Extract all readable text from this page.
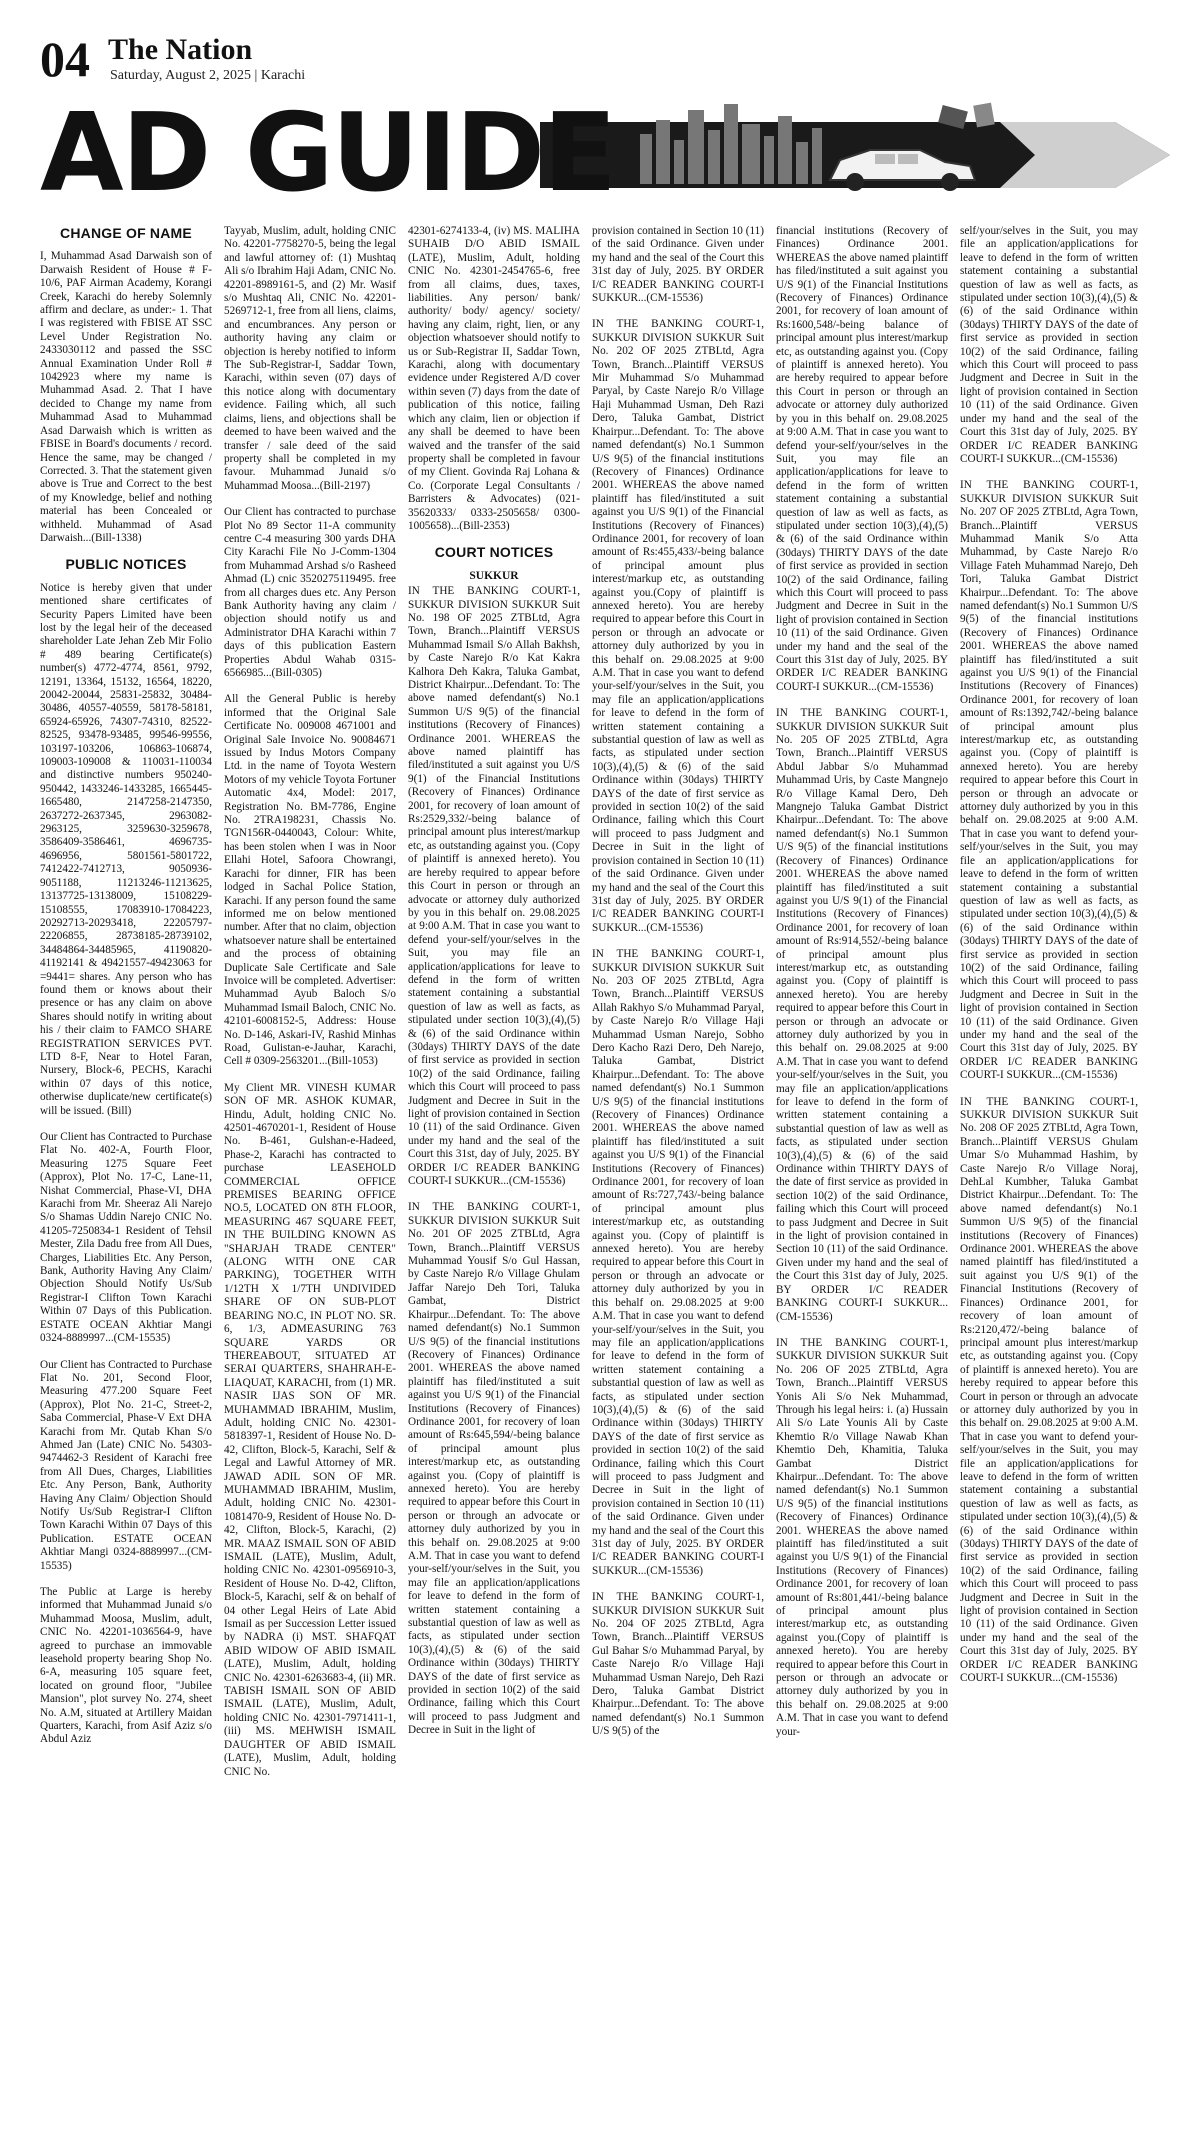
04 The Nation
Saturday, August 2, 2025 | Karachi
AD GUIDE
CHANGE OF NAME

I, Muhammad Asad Darwaish son of Darwaish Resident of House # F-10/6, PAF Airman Academy, Korangi Creek, Karachi do hereby Solemnly affirm and declare, as under:- 1. That I was registered with FBISE AT SSC Level Under Registration No. 2433030112 and passed the SSC Annual Examination Under Roll # 1042923 where my name is Muhammad Asad. 2. That I have decided to Change my name from Muhammad Asad to Muhammad Asad Darwaish which is written as FBISE in Board's documents / record. Hence the same, may be changed / Corrected. 3. That the statement given above is True and Correct to the best of my Knowledge, belief and nothing material has been Concealed or withheld. Muhammad of Asad Darwaish...(Bill-1338)

PUBLIC NOTICES

Notice is hereby given that under mentioned share certificates of Security Papers Limited have been lost by the legal heir of the deceased shareholder Late Jehan Zeb Mir Folio # 489 bearing Certificate(s) number(s) 4772-4774, 8561, 9792, 12191, 13364, 15132, 16564, 18220, 20042-20044, 25831-25832, 30484-30486, 40557-40559, 58178-58181, 65924-65926, 74307-74310, 82522-82525, 93478-93485, 99546-99556, 103197-103206, 106863-106874, 109003-109008 & 110031-110034 and distinctive numbers 950240-950442, 1433246-1433285, 1665445-1665480, 2147258-2147350, 2637272-2637345, 2963082-2963125, 3259630-3259678, 3586409-3586461, 4696735-4696956, 5801561-5801722, 7412422-7412713, 9050936-9051188, 11213246-11213625, 13137725-13138009, 15108229-15108555, 17083910-17084223, 20292713-20293418, 22205797-22206855, 28738185-28739102, 34484864-34485965, 41190820-41192141 & 49421557-49423063 for =9441= shares. Any person who has found them or knows about their presence or has any claim on above Shares should notify in writing about his / their claim to FAMCO SHARE REGISTRATION SERVICES PVT. LTD 8-F, Near to Hotel Faran, Nursery, Block-6, PECHS, Karachi within 07 days of this notice, otherwise duplicate/new certificate(s) will be issued. (Bill)

Our Client has Contracted to Purchase Flat No. 402-A, Fourth Floor, Measuring 1275 Square Feet (Approx), Plot No. 17-C, Lane-11, Nishat Commercial, Phase-VI, DHA Karachi from Mr. Sheeraz Ali Narejo S/o Shamas Uddin Narejo CNIC No. 41205-7250834-1 Resident of Tehsil Mester, Zila Dadu free from All Dues, Charges, Liabilities Etc. Any Person, Bank, Authority Having Any Claim/ Objection Should Notify Us/Sub Registrar-I Clifton Town Karachi Within 07 Days of this Publication. ESTATE OCEAN Akhtiar Mangi 0324-8889997...(CM-15535)

Our Client has Contracted to Purchase Flat No. 201, Second Floor, Measuring 477.200 Square Feet (Approx), Plot No. 21-C, Street-2, Saba Commercial, Phase-V Ext DHA Karachi from Mr. Qutab Khan S/o Ahmed Jan (Late) CNIC No. 54303-9474462-3 Resident of Karachi free from All Dues, Charges, Liabilities Etc. Any Person, Bank, Authority Having Any Claim/ Objection Should Notify Us/Sub Registrar-I Clifton Town Karachi Within 07 Days of this Publication. ESTATE OCEAN Akhtiar Mangi 0324-8889997...(CM-15535)

The Public at Large is hereby informed that Muhammad Junaid s/o Muhammad Moosa, Muslim, adult, CNIC No. 42201-1036564-9, have agreed to purchase an immovable leasehold property bearing Shop No. 6-A, measuring 105 square feet, located on ground floor, "Jubilee Mansion", plot survey No. 274, sheet No. A.M, situated at Artillery Maidan Quarters, Karachi, from Asif Aziz s/o Abdul Aziz

Tayyab, Muslim, adult, holding CNIC No. 42201-7758270-5, being the legal and lawful attorney of: (1) Mushtaq Ali s/o Ibrahim Haji Adam, CNIC No. 42201-8989161-5, and (2) Mr. Wasif s/o Mushtaq Ali, CNIC No. 42201-5269712-1, free from all liens, claims, and encumbrances. Any person or authority having any claim or objection is hereby notified to inform The Sub-Registrar-I, Saddar Town, Karachi, within seven (07) days of this notice along with documentary evidence. Failing which, all such claims, liens, and objections shall be deemed to have been waived and the transfer / sale deed of the said property shall be completed in my favour. Muhammad Junaid s/o Muhammad Moosa...(Bill-2197)

Our Client has contracted to purchase Plot No 89 Sector 11-A community centre C-4 measuring 300 yards DHA City Karachi File No J-Comm-1304 from Muhammad Arshad s/o Rasheed Ahmad (L) cnic 3520275119495. free from all charges dues etc. Any Person Bank Authority having any claim / objection should notify us and Administrator DHA Karachi within 7 days of this publication Eastern Properties Abdul Wahab 0315-6566985...(Bill-0305)

All the General Public is hereby informed that the Original Sale Certificate No. 009008 4671001 and Original Sale Invoice No. 90084671 issued by Indus Motors Company Ltd. in the name of Toyota Western Motors of my vehicle Toyota Fortuner Automatic 4x4, Model: 2017, Registration No. BM-7786, Engine No. 2TRA198231, Chassis No. TGN156R-0440043, Colour: White, has been stolen when I was in Noor Ellahi Hotel, Safoora Chowrangi, Karachi for dinner, FIR has been lodged in Sachal Police Station, Karachi. If any person found the same informed me on below mentioned number. After that no claim, objection whatsoever nature shall be entertained and the process of obtaining Duplicate Sale Certificate and Sale Invoice will be completed. Advertiser: Muhammad Ayub Baloch S/o Muhammad Ismail Baloch, CNIC No. 42101-6008152-5, Address: House No. D-146, Askari-IV, Rashid Minhas Road, Gulistan-e-Jauhar, Karachi, Cell # 0309-2563201...(Bill-1053)

My Client MR. VINESH KUMAR SON OF MR. ASHOK KUMAR, Hindu, Adult, holding CNIC No. 42501-4670201-1, Resident of House No. B-461, Gulshan-e-Hadeed, Phase-2, Karachi has contracted to purchase LEASEHOLD COMMERCIAL OFFICE PREMISES BEARING OFFICE NO.5, LOCATED ON 8TH FLOOR, MEASURING 467 SQUARE FEET, IN THE BUILDING KNOWN AS "SHARJAH TRADE CENTER" (ALONG WITH ONE CAR PARKING), TOGETHER WITH 1/12TH X 1/7TH UNDIVIDED SHARE OF ON SUB-PLOT BEARING NO.C, IN PLOT NO. SR. 6, 1/3, ADMEASURING 763 SQUARE YARDS OR THEREABOUT, SITUATED AT SERAI QUARTERS, SHAHRAH-E-LIAQUAT, KARACHI, from (1) MR. NASIR IJAS SON OF MR. MUHAMMAD IBRAHIM, Muslim, Adult, holding CNIC No. 42301-5818397-1, Resident of House No. D-42, Clifton, Block-5, Karachi, Self & Legal and Lawful Attorney of MR. JAWAD ADIL SON OF MR. MUHAMMAD IBRAHIM, Muslim, Adult, holding CNIC No. 42301-1081470-9, Resident of House No. D-42, Clifton, Block-5, Karachi, (2) MR. MAAZ ISMAIL SON OF ABID ISMAIL (LATE), Muslim, Adult, holding CNIC No. 42301-0956910-3, Resident of House No. D-42, Clifton, Block-5, Karachi, self & on behalf of 04 other Legal Heirs of Late Abid Ismail as per Succession Letter issued by NADRA (i) MST. SHAFQAT ABID WIDOW OF ABID ISMAIL (LATE), Muslim, Adult, holding CNIC No. 42301-6263683-4, (ii) MR. TABISH ISMAIL SON OF ABID ISMAIL (LATE), Muslim, Adult, holding CNIC No. 42301-7971411-1, (iii) MS. MEHWISH ISMAIL DAUGHTER OF ABID ISMAIL (LATE), Muslim, Adult, holding CNIC No.

42301-6274133-4, (iv) MS. MALIHA SUHAIB D/O ABID ISMAIL (LATE), Muslim, Adult, holding CNIC No. 42301-2454765-6, free from all claims, dues, taxes, liabilities. Any person/ bank/ authority/ body/ agency/ society/ having any claim, right, lien, or any objection whatsoever should notify to us or Sub-Registrar II, Saddar Town, Karachi, along with documentary evidence under Registered A/D cover within seven (7) days from the date of publication of this notice, failing which any claim, lien or objection if any shall be deemed to have been waived and the transfer of the said property shall be completed in favour of my Client. Govinda Raj Lohana & Co. (Corporate Legal Consultants / Barristers & Advocates) (021-35620333/ 0333-2505658/ 0300-1005658)...(Bill-2353)

COURT NOTICES
SUKKUR

IN THE BANKING COURT-1, SUKKUR DIVISION SUKKUR Suit No. 198 OF 2025 ZTBLtd, Agra Town, Branch...Plaintiff VERSUS Muhammad Ismail S/o Allah Bakhsh, by Caste Narejo R/o Kat Kakra Kalhora Deh Kakra, Taluka Gambat, District Khairpur...Defendant. To: The above named defendant(s) No.1 Summon U/S 9(5) of the financial institutions (Recovery of Finances) Ordinance 2001. WHEREAS the above named plaintiff has filed/instituted a suit against you U/S 9(1) of the Financial Institutions (Recovery of Finances) Ordinance 2001, for recovery of loan amount of Rs:2529,332/-being balance of principal amount plus interest/markup etc, as outstanding against you. (Copy of plaintiff is annexed hereto). You are hereby required to appear before this Court in person or through an advocate or attorney duly authorized by you in this behalf on. 29.08.2025 at 9:00 A.M. That in case you want to defend your-self/your/selves in the Suit, you may file an application/applications for leave to defend in the form of written statement containing a substantial question of law as well as facts, as stipulated under section 10(3),(4),(5) & (6) of the said Ordinance within (30days) THIRTY DAYS of the date of first service as provided in section 10(2) of the said Ordinance, failing which this Court will proceed to pass Judgment and Decree in Suit in the light of provision contained in Section 10 (11) of the said Ordinance. Given under my hand and the seal of the Court this 31st, day of July, 2025. BY ORDER I/C READER BANKING COURT-I SUKKUR...(CM-15536)

IN THE BANKING COURT-1, SUKKUR DIVISION SUKKUR Suit No. 201 OF 2025 ZTBLtd, Agra Town, Branch...Plaintiff VERSUS Muhammad Yousif S/o Gul Hassan, by Caste Narejo R/o Village Ghulam Jaffar Narejo Deh Tori, Taluka Gambat, District Khairpur...Defendant. To: The above named defendant(s) No.1 Summon U/S 9(5) of the financial institutions (Recovery of Finances) Ordinance 2001. WHEREAS the above named plaintiff has filed/instituted a suit against you U/S 9(1) of the Financial Institutions (Recovery of Finances) Ordinance 2001, for recovery of loan amount of Rs:645,594/-being balance of principal amount plus interest/markup etc, as outstanding against you. (Copy of plaintiff is annexed hereto). You are hereby required to appear before this Court in person or through an advocate or attorney duly authorized by you in this behalf on. 29.08.2025 at 9:00 A.M. That in case you want to defend your-self/your/selves in the Suit, you may file an application/applications for leave to defend in the form of written statement containing a substantial question of law as well as facts, as stipulated under section 10(3),(4),(5) & (6) of the said Ordinance within (30days) THIRTY DAYS of the date of first service as provided in section 10(2) of the said Ordinance, failing which this Court will proceed to pass Judgment and Decree in Suit in the light of

provision contained in Section 10 (11) of the said Ordinance. Given under my hand and the seal of the Court this 31st day of July, 2025. BY ORDER I/C READER BANKING COURT-I SUKKUR...(CM-15536)

IN THE BANKING COURT-1, SUKKUR DIVISION SUKKUR Suit No. 202 OF 2025 ZTBLtd, Agra Town, Branch...Plaintiff VERSUS Mir Muhammad S/o Muhammad Paryal, by Caste Narejo R/o Village Haji Muhammad Usman, Deh Razi Dero, Taluka Gambat, District Khairpur...Defendant. To: The above named defendant(s) No.1 Summon U/S 9(5) of the financial institutions (Recovery of Finances) Ordinance 2001. WHEREAS the above named plaintiff has filed/instituted a suit against you U/S 9(1) of the Financial Institutions (Recovery of Finances) Ordinance 2001, for recovery of loan amount of Rs:455,433/-being balance of principal amount plus interest/markup etc, as outstanding against you.(Copy of plaintiff is annexed hereto). You are hereby required to appear before this Court in person or through an advocate or attorney duly authorized by you in this behalf on. 29.08.2025 at 9:00 A.M. That in case you want to defend your-self/your/selves in the Suit, you may file an application/applications for leave to defend in the form of written statement containing a substantial question of law as well as facts, as stipulated under section 10(3),(4),(5) & (6) of the said Ordinance within (30days) THIRTY DAYS of the date of first service as provided in section 10(2) of the said Ordinance, failing which this Court will proceed to pass Judgment and Decree in Suit in the light of provision contained in Section 10 (11) of the said Ordinance. Given under my hand and the seal of the Court this 31st day of July, 2025. BY ORDER I/C READER BANKING COURT-I SUKKUR...(CM-15536)

IN THE BANKING COURT-1, SUKKUR DIVISION SUKKUR Suit No. 203 OF 2025 ZTBLtd, Agra Town, Branch...Plaintiff VERSUS Allah Rakhyo S/o Muhammad Paryal, by Caste Narejo R/o Village Haji Muhammad Usman Narejo, Sobho Dero Kacho Razi Dero, Deh Narejo, Taluka Gambat, District Khairpur...Defendant. To: The above named defendant(s) No.1 Summon U/S 9(5) of the financial institutions (Recovery of Finances) Ordinance 2001. WHEREAS the above named plaintiff has filed/instituted a suit against you U/S 9(1) of the Financial Institutions (Recovery of Finances) Ordinance 2001, for recovery of loan amount of Rs:727,743/-being balance of principal amount plus interest/markup etc, as outstanding against you. (Copy of plaintiff is annexed hereto). You are hereby required to appear before this Court in person or through an advocate or attorney duly authorized by you in this behalf on. 29.08.2025 at 9:00 A.M. That in case you want to defend your-self/your/selves in the Suit, you may file an application/applications for leave to defend in the form of written statement containing a substantial question of law as well as facts, as stipulated under section 10(3),(4),(5) & (6) of the said Ordinance within (30days) THIRTY DAYS of the date of first service as provided in section 10(2) of the said Ordinance, failing which this Court will proceed to pass Judgment and Decree in Suit in the light of provision contained in Section 10 (11) of the said Ordinance. Given under my hand and the seal of the Court this 31st day of July, 2025. BY ORDER I/C READER BANKING COURT-I SUKKUR...(CM-15536)

IN THE BANKING COURT-1, SUKKUR DIVISION SUKKUR Suit No. 204 OF 2025 ZTBLtd, Agra Town, Branch...Plaintiff VERSUS Gul Bahar S/o Muhammad Paryal, by Caste Narejo R/o Village Haji Muhammad Usman Narejo, Deh Razi Dero, Taluka Gambat District Khairpur...Defendant. To: The above named defendant(s) No.1 Summon U/S 9(5) of the

financial institutions (Recovery of Finances) Ordinance 2001. WHEREAS the above named plaintiff has filed/instituted a suit against you U/S 9(1) of the Financial Institutions (Recovery of Finances) Ordinance 2001, for recovery of loan amount of Rs:1600,548/-being balance of principal amount plus interest/markup etc, as outstanding against you. (Copy of plaintiff is annexed hereto). You are hereby required to appear before this Court in person or through an advocate or attorney duly authorized by you in this behalf on. 29.08.2025 at 9:00 A.M. That in case you want to defend your-self/your/selves in the Suit, you may file an application/applications for leave to defend in the form of written statement containing a substantial question of law as well as facts, as stipulated under section 10(3),(4),(5) & (6) of the said Ordinance within (30days) THIRTY DAYS of the date of first service as provided in section 10(2) of the said Ordinance, failing which this Court will proceed to pass Judgment and Decree in Suit in the light of provision contained in Section 10 (11) of the said Ordinance. Given under my hand and the seal of the Court this 31st day of July, 2025. BY ORDER I/C READER BANKING COURT-I SUKKUR...(CM-15536)

IN THE BANKING COURT-1, SUKKUR DIVISION SUKKUR Suit No. 205 OF 2025 ZTBLtd, Agra Town, Branch...Plaintiff VERSUS Abdul Jabbar S/o Muhammad Muhammad Uris, by Caste Mangnejo R/o Village Kamal Dero, Deh Mangnejo Taluka Gambat District Khairpur...Defendant. To: The above named defendant(s) No.1 Summon U/S 9(5) of the financial institutions (Recovery of Finances) Ordinance 2001. WHEREAS the above named plaintiff has filed/instituted a suit against you U/S 9(1) of the Financial Institutions (Recovery of Finances) Ordinance 2001, for recovery of loan amount of Rs:914,552/-being balance of principal amount plus interest/markup etc, as outstanding against you. (Copy of plaintiff is annexed hereto). You are hereby required to appear before this Court in person or through an advocate or attorney duly authorized by you in this behalf on. 29.08.2025 at 9:00 A.M. That in case you want to defend your-self/your/selves in the Suit, you may file an application/applications for leave to defend in the form of written statement containing a substantial question of law as well as facts, as stipulated under section 10(3),(4),(5) & (6) of the said Ordinance within THIRTY DAYS of the date of first service as provided in section 10(2) of the said Ordinance, failing which this Court will proceed to pass Judgment and Decree in Suit in the light of provision contained in Section 10 (11) of the said Ordinance. Given under my hand and the seal of the Court this 31st day of July, 2025. BY ORDER I/C READER BANKING COURT-I SUKKUR...(CM-15536)

IN THE BANKING COURT-1, SUKKUR DIVISION SUKKUR Suit No. 206 OF 2025 ZTBLtd, Agra Town, Branch...Plaintiff VERSUS Yonis Ali S/o Nek Muhammad, Through his legal heirs: i. (a) Hussain Ali S/o Late Younis Ali by Caste Khemtio R/o Village Nawab Khan Khemtio Deh, Khamitia, Taluka Gambat District Khairpur...Defendant. To: The above named defendant(s) No.1 Summon U/S 9(5) of the financial institutions (Recovery of Finances) Ordinance 2001. WHEREAS the above named plaintiff has filed/instituted a suit against you U/S 9(1) of the Financial Institutions (Recovery of Finances) Ordinance 2001, for recovery of loan amount of Rs:801,441/-being balance of principal amount plus interest/markup etc, as outstanding against you.(Copy of plaintiff is annexed hereto). You are hereby required to appear before this Court in person or through an advocate or attorney duly authorized by you in this behalf on. 29.08.2025 at 9:00 A.M. That in case you want to defend your-

self/your/selves in the Suit, you may file an application/applications for leave to defend in the form of written statement containing a substantial question of law as well as facts, as stipulated under section 10(3),(4),(5) & (6) of the said Ordinance within (30days) THIRTY DAYS of the date of first service as provided in section 10(2) of the said Ordinance, failing which this Court will proceed to pass Judgment and Decree in Suit in the light of provision contained in Section 10 (11) of the said Ordinance. Given under my hand and the seal of the Court this 31st day of July, 2025. BY ORDER I/C READER BANKING COURT-I SUKKUR...(CM-15536)

IN THE BANKING COURT-1, SUKKUR DIVISION SUKKUR Suit No. 207 OF 2025 ZTBLtd, Agra Town, Branch...Plaintiff VERSUS Muhammad Manik S/o Atta Muhammad, by Caste Narejo R/o Village Fateh Muhammad Narejo, Deh Tori, Taluka Gambat District Khairpur...Defendant. To: The above named defendant(s) No.1 Summon U/S 9(5) of the financial institutions (Recovery of Finances) Ordinance 2001. WHEREAS the above named plaintiff has filed/instituted a suit against you U/S 9(1) of the Financial Institutions (Recovery of Finances) Ordinance 2001, for recovery of loan amount of Rs:1392,742/-being balance of principal amount plus interest/markup etc, as outstanding against you. (Copy of plaintiff is annexed hereto). You are hereby required to appear before this Court in person or through an advocate or attorney duly authorized by you in this behalf on. 29.08.2025 at 9:00 A.M. That in case you want to defend your-self/your/selves in the Suit, you may file an application/applications for leave to defend in the form of written statement containing a substantial question of law as well as facts, as stipulated under section 10(3),(4),(5) & (6) of the said Ordinance within (30days) THIRTY DAYS of the date of first service as provided in section 10(2) of the said Ordinance, failing which this Court will proceed to pass Judgment and Decree in Suit in the light of provision contained in Section 10 (11) of the said Ordinance. Given under my hand and the seal of the Court this 31st day of July, 2025. BY ORDER I/C READER BANKING COURT-I SUKKUR...(CM-15536)

IN THE BANKING COURT-1, SUKKUR DIVISION SUKKUR Suit No. 208 OF 2025 ZTBLtd, Agra Town, Branch...Plaintiff VERSUS Ghulam Umar S/o Muhammad Hashim, by Caste Narejo R/o Village Noraj, DehLal Kumbher, Taluka Gambat District Khairpur...Defendant. To: The above named defendant(s) No.1 Summon U/S 9(5) of the financial institutions (Recovery of Finances) Ordinance 2001. WHEREAS the above named plaintiff has filed/instituted a suit against you U/S 9(1) of the Financial Institutions (Recovery of Finances) Ordinance 2001, for recovery of loan amount of Rs:2120,472/-being balance of principal amount plus interest/markup etc, as outstanding against you. (Copy of plaintiff is annexed hereto). You are hereby required to appear before this Court in person or through an advocate or attorney duly authorized by you in this behalf on. 29.08.2025 at 9:00 A.M. That in case you want to defend your-self/your/selves in the Suit, you may file an application/applications for leave to defend in the form of written statement containing a substantial question of law as well as facts, as stipulated under section 10(3),(4),(5) & (6) of the said Ordinance within (30days) THIRTY DAYS of the date of first service as provided in section 10(2) of the said Ordinance, failing which this Court will proceed to pass Judgment and Decree in Suit in the light of provision contained in Section 10 (11) of the said Ordinance. Given under my hand and the seal of the Court this 31st day of July, 2025. BY ORDER I/C READER BANKING COURT-I SUKKUR...(CM-15536)
